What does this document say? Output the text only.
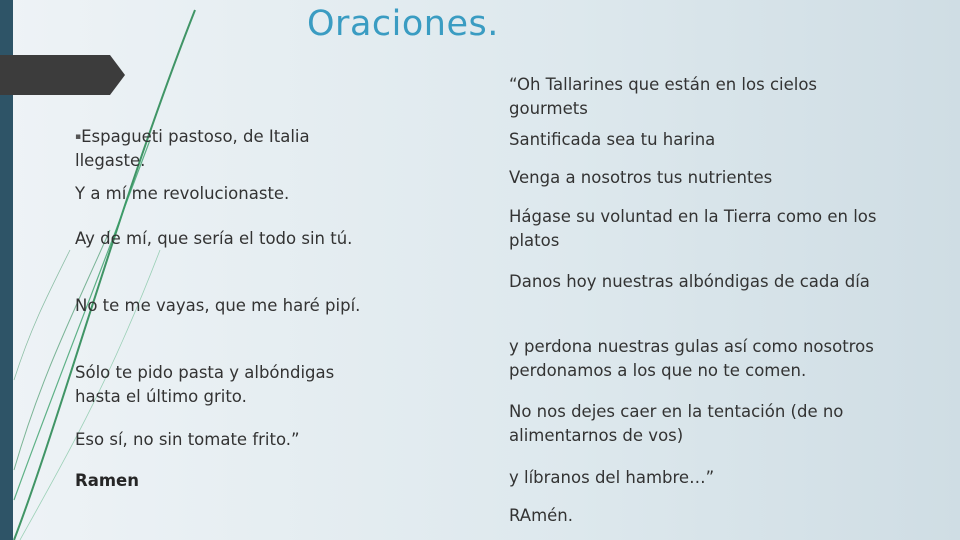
Oraciones.

▪Espagueti pastoso, de Italia llegaste.

Y a mí me revolucionaste.

Ay de mí, que sería el todo sin tú.

No te me vayas, que me haré pipí.

Sólo te pido pasta y albóndigas hasta el último grito.

Eso sí, no sin tomate frito.”

Ramen

“Oh Tallarines que están en los cielos gourmets

Santificada sea tu harina

Venga a nosotros tus nutrientes

Hágase su voluntad en la Tierra como en los platos

Danos hoy nuestras albóndigas de cada día

y perdona nuestras gulas así como nosotros perdonamos a los que no te comen.

No nos dejes caer en la tentación (de no alimentarnos de vos)

y líbranos del hambre…”

RAmén.
